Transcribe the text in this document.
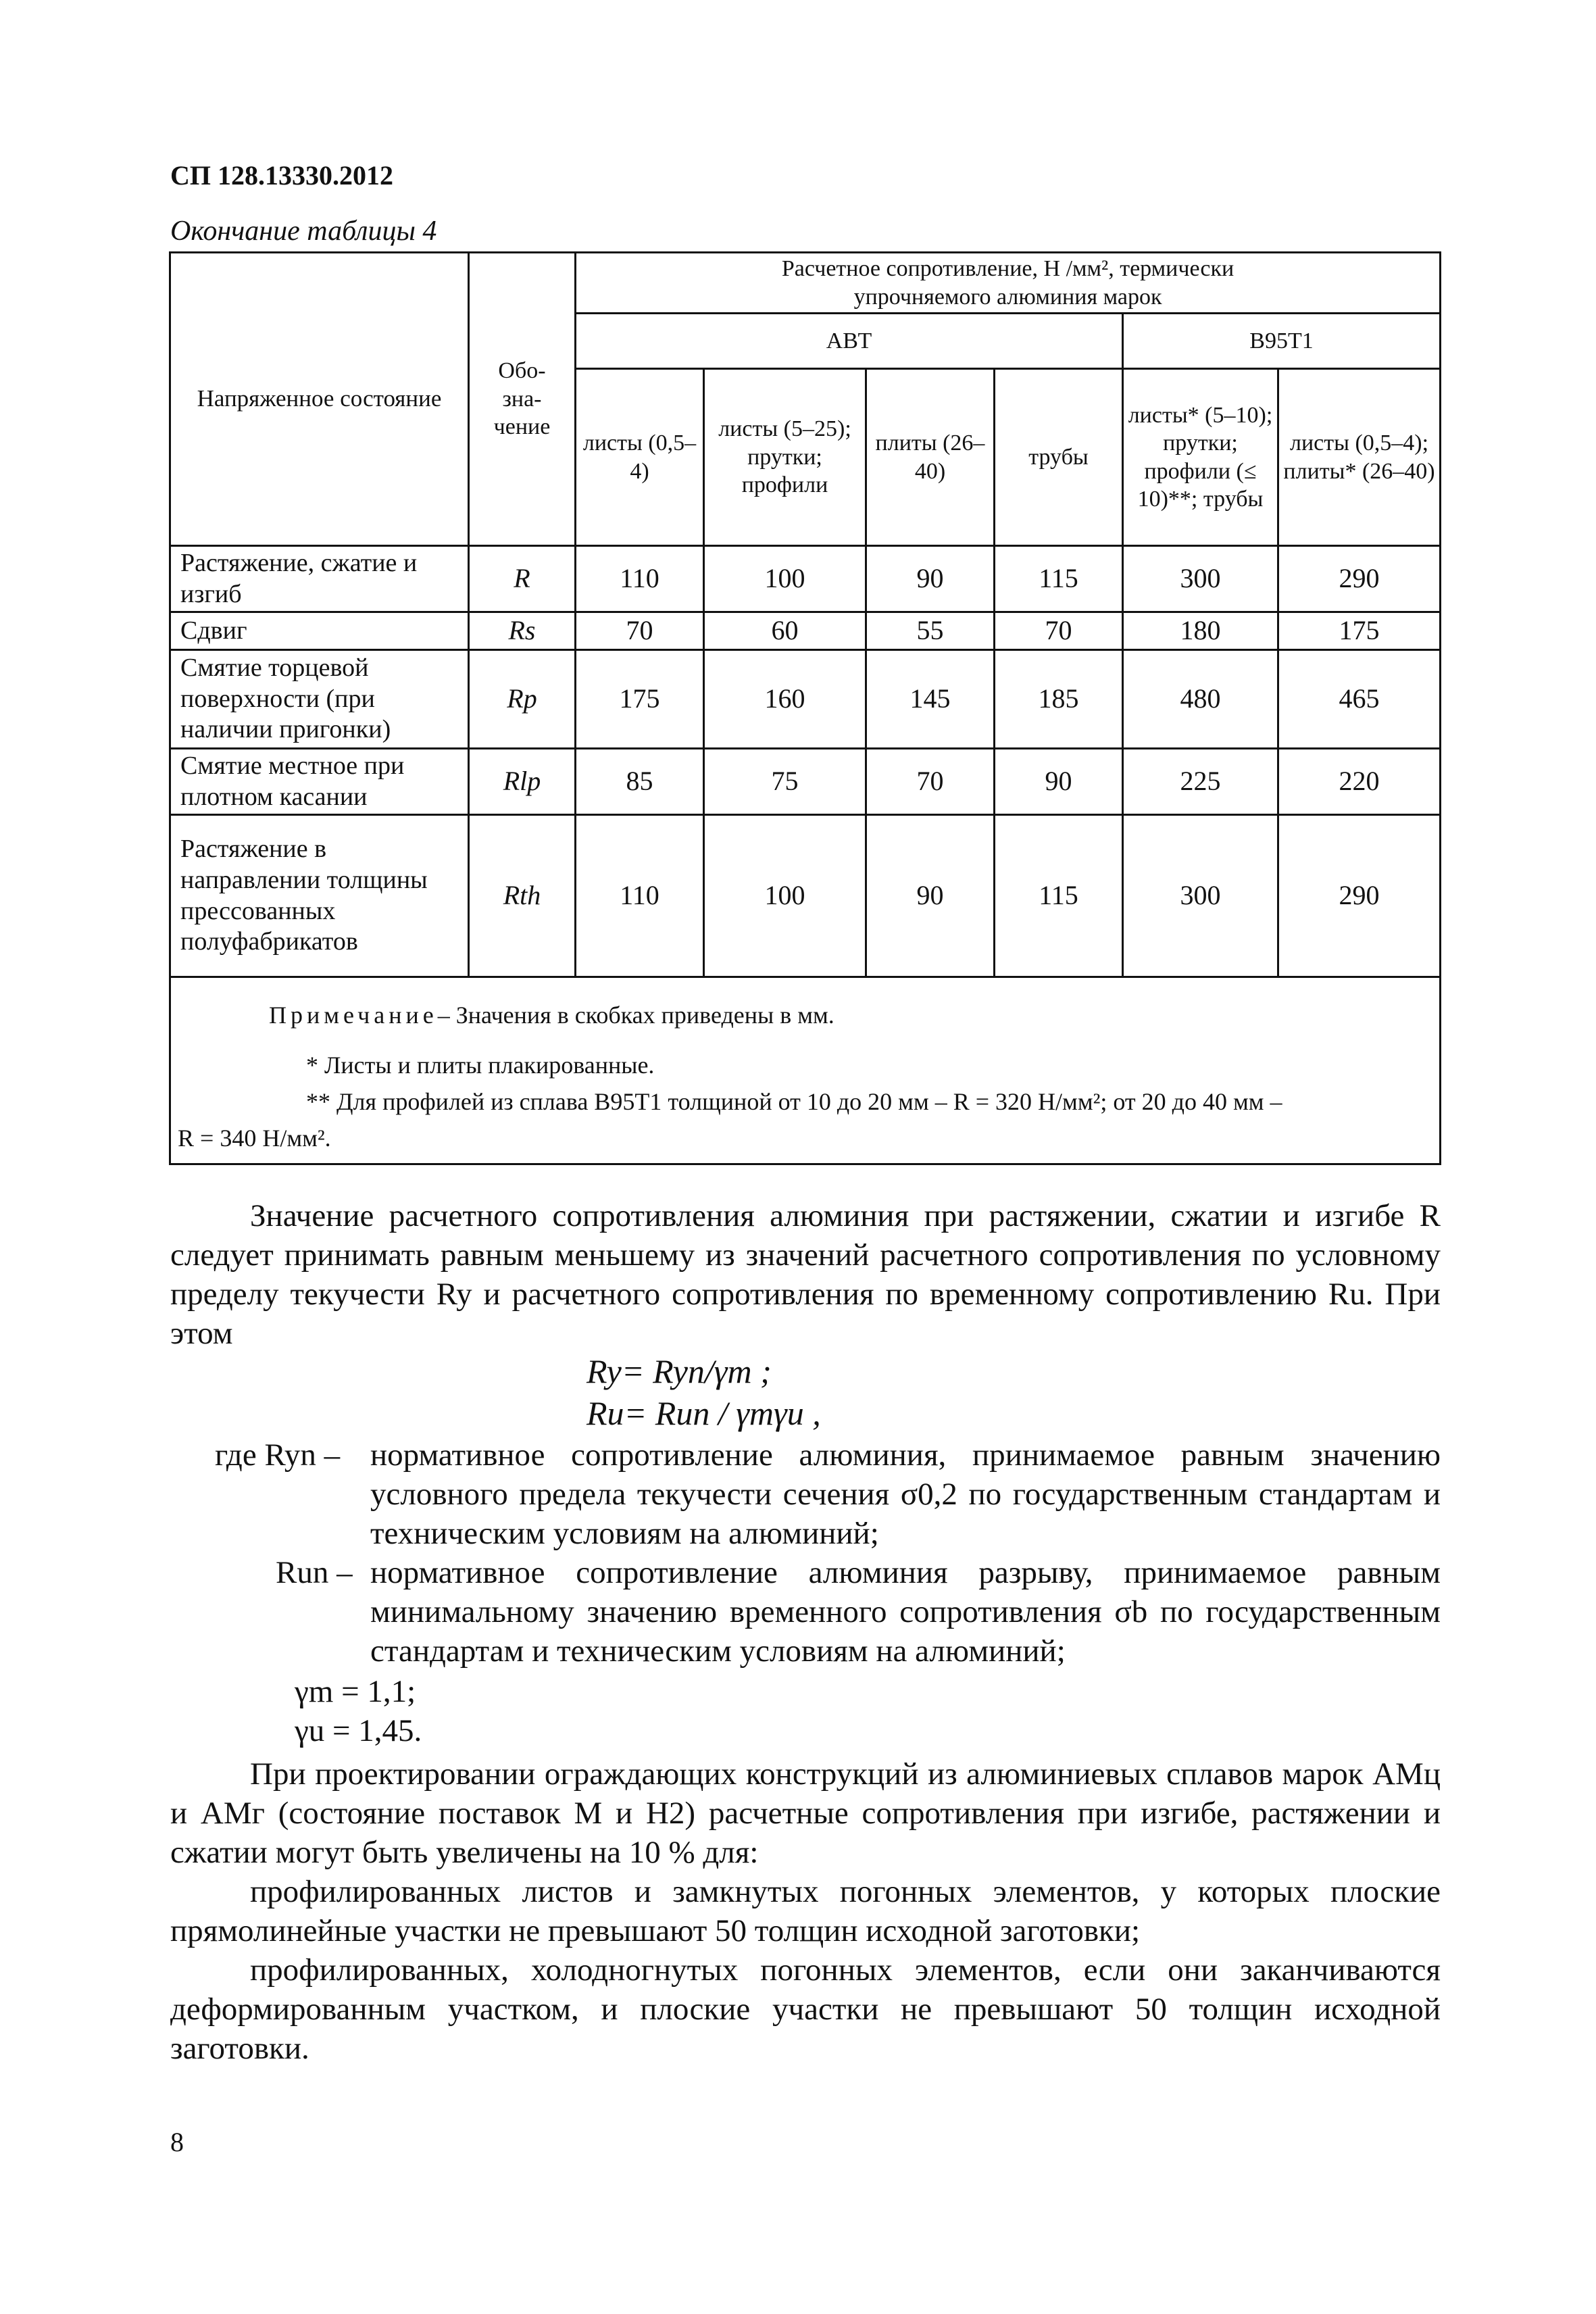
СП 128.13330.2012
Окончание таблицы 4
Напряженное состояние	Обо-зна-чение	Расчетное сопротивление, Н /мм², термически упрочняемого алюминия марок					
		АВТ				В95Т1	
		листы (0,5–4)	листы (5–25); прутки; профили	плиты (26–40)	трубы	листы* (5–10); прутки; профили (≤ 10)**; трубы	листы (0,5–4); плиты* (26–40)
Растяжение, сжатие и изгиб	R	110	100	90	115	300	290
Сдвиг	Rs	70	60	55	70	180	175
Смятие торцевой поверхности (при наличии пригонки)	Rp	175	160	145	185	480	465
Смятие местное при плотном касании	Rlp	85	75	70	90	225	220
Растяжение в направлении толщины прессованных полуфабрикатов	Rth	110	100	90	115	300	290

Примечание– Значения в скобках приведены в мм.
* Листы и плиты плакированные.
** Для профилей из сплава В95Т1 толщиной от 10 до 20 мм – R = 320 Н/мм²; от 20 до 40 мм –
R = 340 Н/мм².							

Значение расчетного сопротивления алюминия при растяжении, сжатии и изгибе R следует принимать равным меньшему из значений расчетного сопротивления по условному пределу текучести Ry и расчетного сопротивления по временному сопротивлению Ru. При этом

Ry= Ryn/γm ;
Ru= Run / γmγu ,
где Ryn – нормативное сопротивление алюминия, принимаемое равным значению условного предела текучести сечения σ0,2 по государственным стандартам и техническим условиям на алюминий;
Run – нормативное сопротивление алюминия разрыву, принимаемое равным минимальному значению временного сопротивления σb по государственным стандартам и техническим условиям на алюминий;
γm = 1,1;
γu = 1,45.

При проектировании ограждающих конструкций из алюминиевых сплавов марок АМц и АМг (состояние поставок М и Н2) расчетные сопротивления при изгибе, растяжении и сжатии могут быть увеличены на 10 % для:

профилированных листов и замкнутых погонных элементов, у которых плоские прямолинейные участки не превышают 50 толщин исходной заготовки;

профилированных, холодногнутых погонных элементов, если они заканчиваются деформированным участком, и плоские участки не превышают 50 толщин исходной заготовки.

8
